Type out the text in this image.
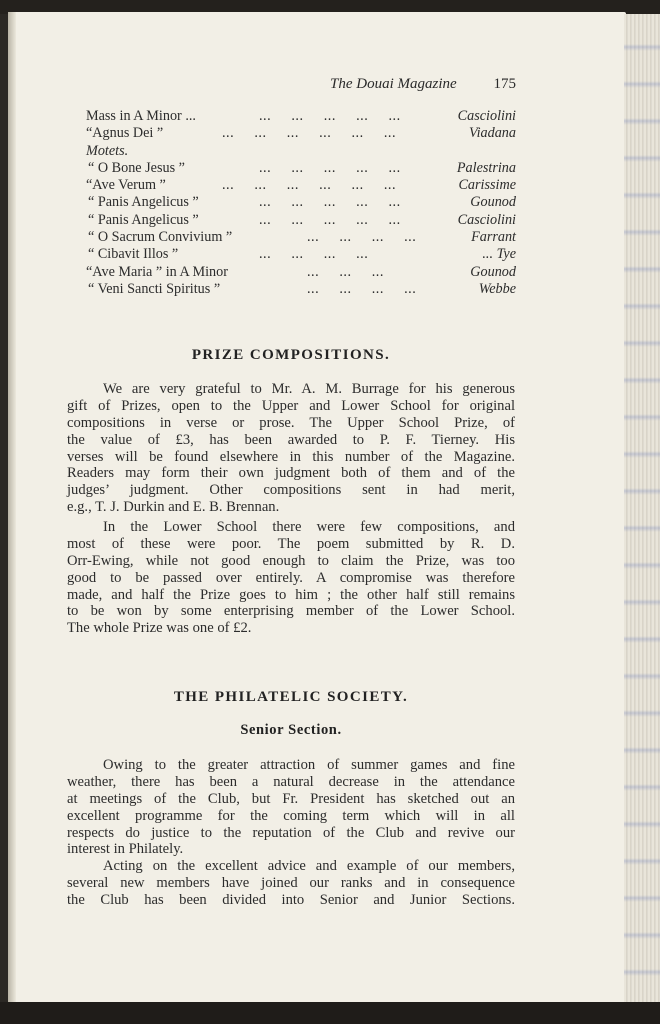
The Douai Magazine 175
Mass in A Minor ...	...     ...     ...     ...     ...	Casciolini
“Agnus Dei ”	...     ...     ...     ...     ...     ...	Viadana
Motets.
“ O Bone Jesus ”	...     ...     ...     ...     ...	Palestrina
“Ave Verum ”	...     ...     ...     ...     ...     ...	Carissime
“ Panis Angelicus ”	...     ...     ...     ...     ...	Gounod
“ Panis Angelicus ”	...     ...     ...     ...     ...	Casciolini
“ O Sacrum Convivium ”	...     ...     ...     ...	Farrant
“ Cibavit Illos ”	...     ...     ...     ...	... Tye
“Ave Maria ” in A Minor	...     ...     ...	Gounod
“ Veni Sancti Spiritus ”	...     ...     ...     ...	Webbe
PRIZE COMPOSITIONS.
We are very grateful to Mr. A. M. Burrage for his generous
gift of Prizes, open to the Upper and Lower School for original
compositions in verse or prose. The Upper School Prize, of
the value of £3, has been awarded to P. F. Tierney. His
verses will be found elsewhere in this number of the Magazine.
Readers may form their own judgment both of them and of the
judges’ judgment. Other compositions sent in had merit,
e.g., T. J. Durkin and E. B. Brennan.
In the Lower School there were few compositions, and
most of these were poor. The poem submitted by R. D.
Orr-Ewing, while not good enough to claim the Prize, was too
good to be passed over entirely. A compromise was therefore
made, and half the Prize goes to him ; the other half still remains
to be won by some enterprising member of the Lower School.
The whole Prize was one of £2.
THE PHILATELIC SOCIETY.
Senior Section.
Owing to the greater attraction of summer games and fine
weather, there has been a natural decrease in the attendance
at meetings of the Club, but Fr. President has sketched out an
excellent programme for the coming term which will in all
respects do justice to the reputation of the Club and revive our
interest in Philately.
Acting on the excellent advice and example of our members,
several new members have joined our ranks and in consequence
the Club has been divided into Senior and Junior Sections.
